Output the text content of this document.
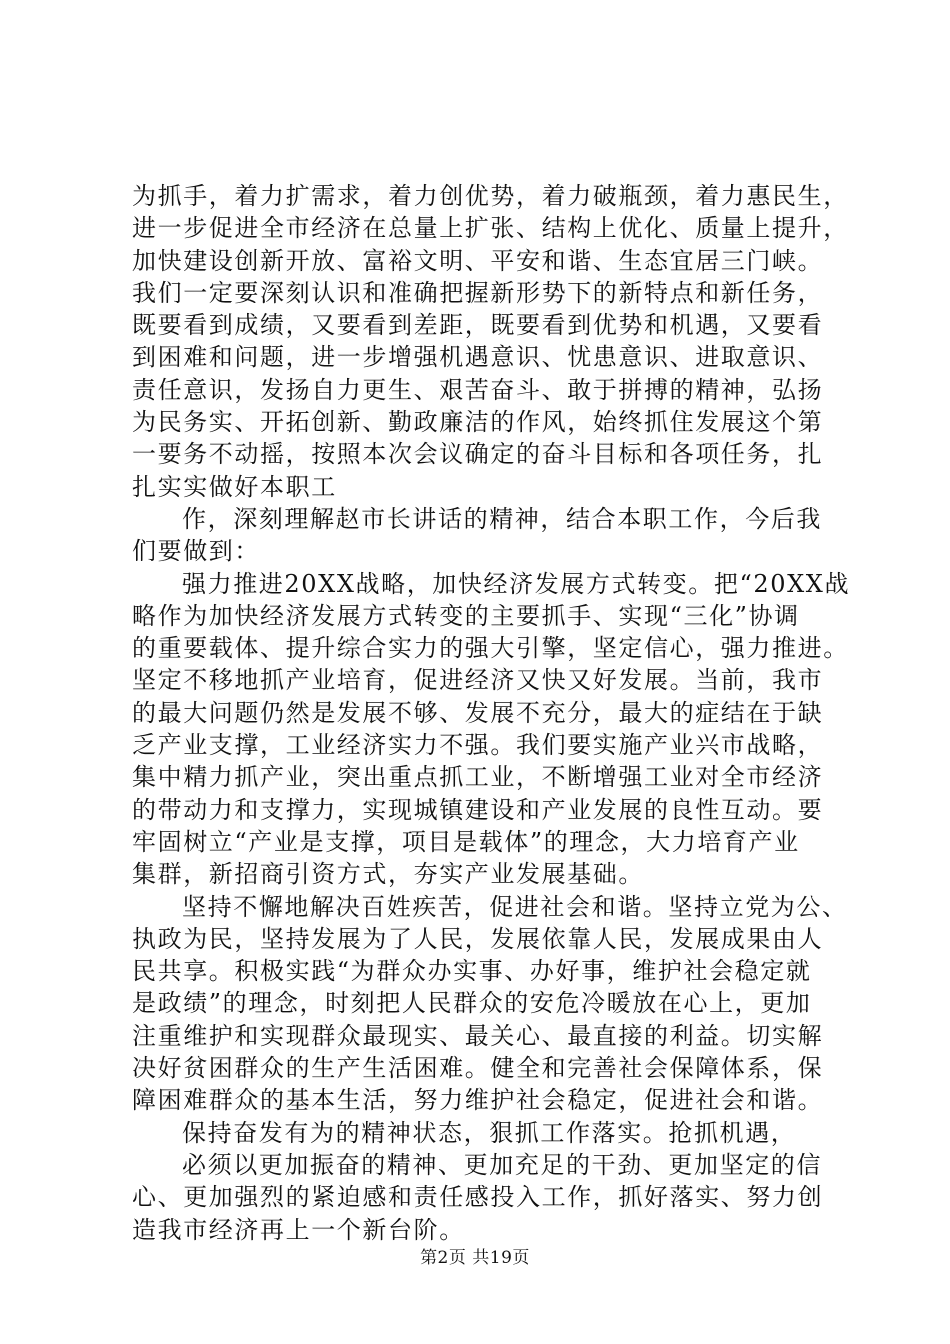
为抓手，着力扩需求，着力创优势，着力破瓶颈，着力惠民生，
进一步促进全市经济在总量上扩张、结构上优化、质量上提升，
加快建设创新开放、富裕文明、平安和谐、生态宜居三门峡。
我们一定要深刻认识和准确把握新形势下的新特点和新任务，
既要看到成绩，又要看到差距，既要看到优势和机遇，又要看
到困难和问题，进一步增强机遇意识、忧患意识、进取意识、
责任意识，发扬自力更生、艰苦奋斗、敢于拼搏的精神，弘扬
为民务实、开拓创新、勤政廉洁的作风，始终抓住发展这个第
一要务不动摇，按照本次会议确定的奋斗目标和各项任务，扎
扎实实做好本职工
作，深刻理解赵市长讲话的精神，结合本职工作，今后我
们要做到：
强力推进20XX战略，加快经济发展方式转变。把“20XX战
略作为加快经济发展方式转变的主要抓手、实现“三化”协调
的重要载体、提升综合实力的强大引擎，坚定信心，强力推进。
坚定不移地抓产业培育，促进经济又快又好发展。当前，我市
的最大问题仍然是发展不够、发展不充分，最大的症结在于缺
乏产业支撑，工业经济实力不强。我们要实施产业兴市战略，
集中精力抓产业，突出重点抓工业，不断增强工业对全市经济
的带动力和支撑力，实现城镇建设和产业发展的良性互动。要
牢固树立“产业是支撑，项目是载体”的理念，大力培育产业
集群，新招商引资方式，夯实产业发展基础。
坚持不懈地解决百姓疾苦，促进社会和谐。坚持立党为公、
执政为民，坚持发展为了人民，发展依靠人民，发展成果由人
民共享。积极实践“为群众办实事、办好事，维护社会稳定就
是政绩”的理念，时刻把人民群众的安危冷暖放在心上，更加
注重维护和实现群众最现实、最关心、最直接的利益。切实解
决好贫困群众的生产生活困难。健全和完善社会保障体系，保
障困难群众的基本生活，努力维护社会稳定，促进社会和谐。
保持奋发有为的精神状态，狠抓工作落实。抢抓机遇，
必须以更加振奋的精神、更加充足的干劲、更加坚定的信
心、更加强烈的紧迫感和责任感投入工作，抓好落实、努力创
造我市经济再上一个新台阶。
第2页 共19页
